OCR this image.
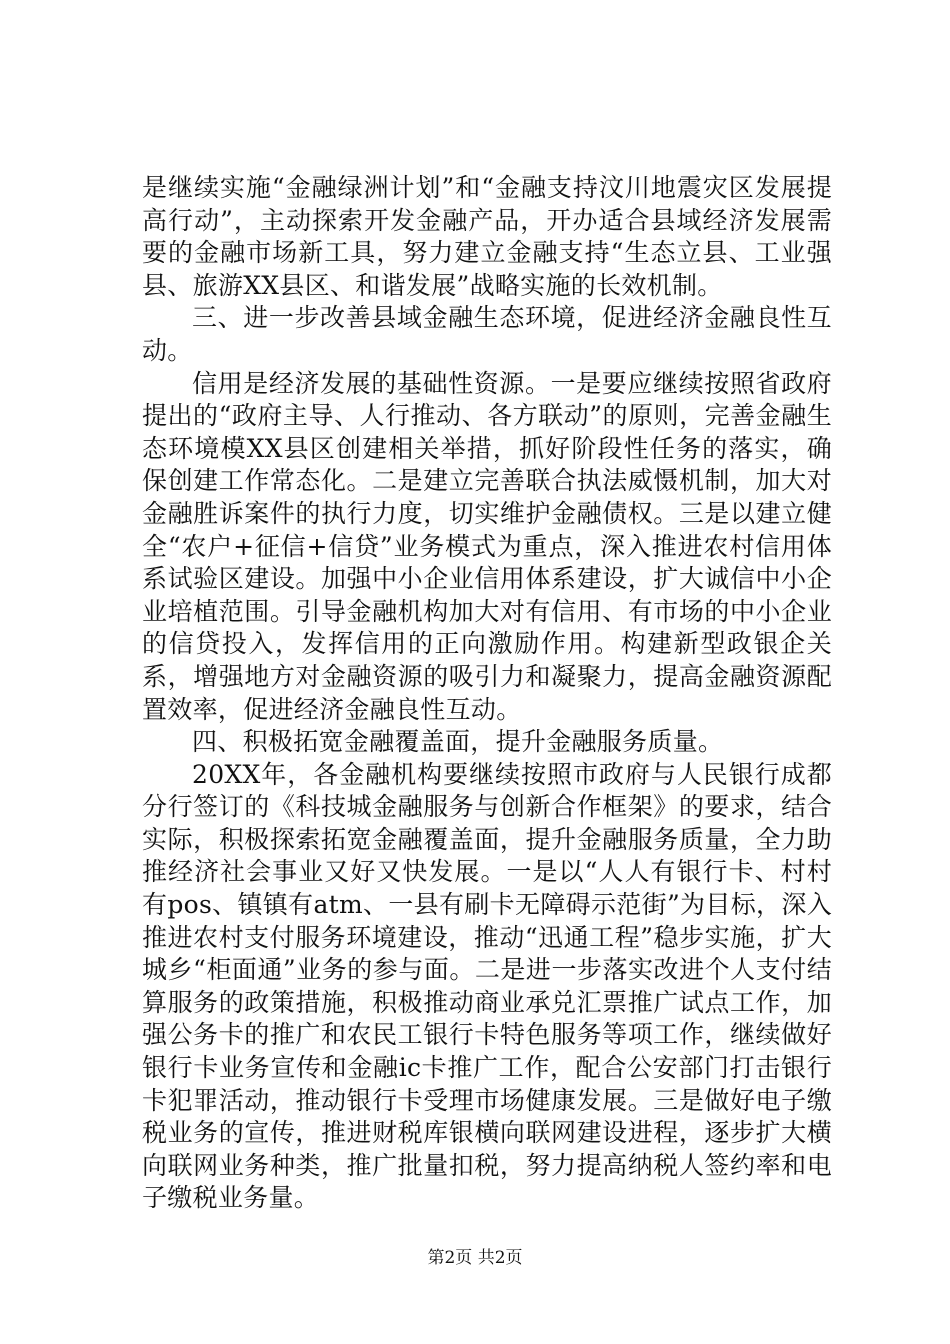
是继续实施“金融绿洲计划”和“金融支持汶川地震灾区发展提高行动”，主动探索开发金融产品，开办适合县域经济发展需要的金融市场新工具，努力建立金融支持“生态立县、工业强县、旅游XX县区、和谐发展”战略实施的长效机制。

三、进一步改善县域金融生态环境，促进经济金融良性互动。

信用是经济发展的基础性资源。一是要应继续按照省政府提出的“政府主导、人行推动、各方联动”的原则，完善金融生态环境模XX县区创建相关举措，抓好阶段性任务的落实，确保创建工作常态化。二是建立完善联合执法威慑机制，加大对金融胜诉案件的执行力度，切实维护金融债权。三是以建立健全“农户+征信+信贷”业务模式为重点，深入推进农村信用体系试验区建设。加强中小企业信用体系建设，扩大诚信中小企业培植范围。引导金融机构加大对有信用、有市场的中小企业的信贷投入，发挥信用的正向激励作用。构建新型政银企关系，增强地方对金融资源的吸引力和凝聚力，提高金融资源配置效率，促进经济金融良性互动。

四、积极拓宽金融覆盖面，提升金融服务质量。

20XX年，各金融机构要继续按照市政府与人民银行成都分行签订的《科技城金融服务与创新合作框架》的要求，结合实际，积极探索拓宽金融覆盖面，提升金融服务质量，全力助推经济社会事业又好又快发展。一是以“人人有银行卡、村村有pos、镇镇有atm、一县有刷卡无障碍示范街”为目标，深入推进农村支付服务环境建设，推动“迅通工程”稳步实施，扩大城乡“柜面通”业务的参与面。二是进一步落实改进个人支付结算服务的政策措施，积极推动商业承兑汇票推广试点工作，加强公务卡的推广和农民工银行卡特色服务等项工作，继续做好银行卡业务宣传和金融ic卡推广工作，配合公安部门打击银行卡犯罪活动，推动银行卡受理市场健康发展。三是做好电子缴税业务的宣传，推进财税库银横向联网建设进程，逐步扩大横向联网业务种类，推广批量扣税，努力提高纳税人签约率和电子缴税业务量。

第2页 共2页
